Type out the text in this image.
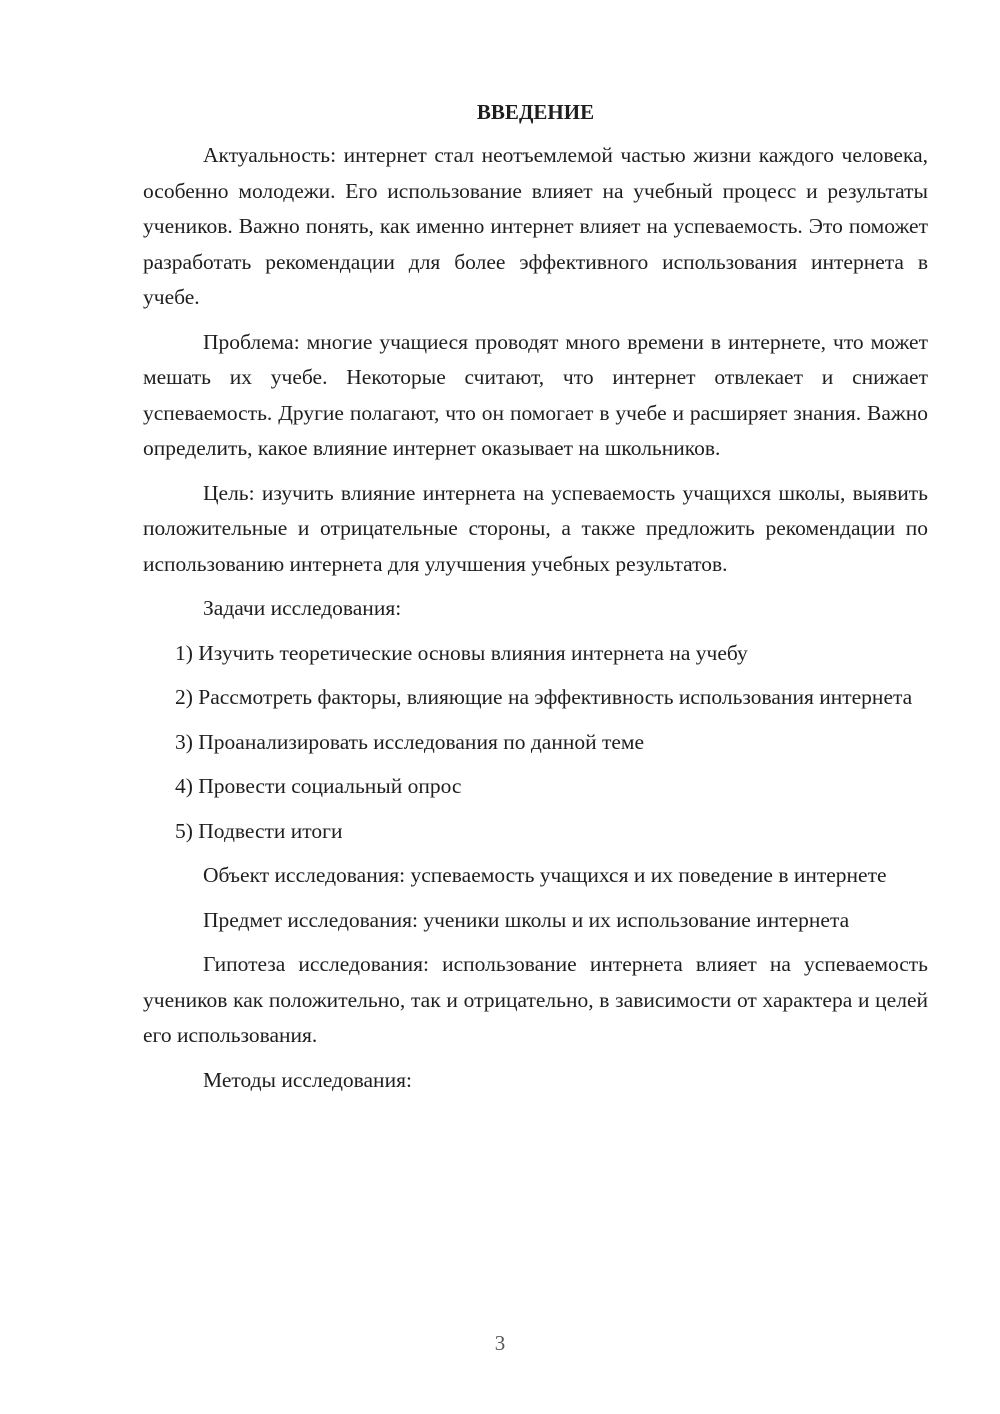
ВВЕДЕНИЕ

Актуальность: интернет стал неотъемлемой частью жизни каждого человека, особенно молодежи. Его использование влияет на учебный процесс и результаты учеников. Важно понять, как именно интернет влияет на успеваемость. Это поможет разработать рекомендации для более эффективного использования интернета в учебе.

Проблема: многие учащиеся проводят много времени в интернете, что может мешать их учебе. Некоторые считают, что интернет отвлекает и снижает успеваемость. Другие полагают, что он помогает в учебе и расширяет знания. Важно определить, какое влияние интернет оказывает на школьников.

Цель: изучить влияние интернета на успеваемость учащихся школы, выявить положительные и отрицательные стороны, а также предложить рекомендации по использованию интернета для улучшения учебных результатов.

Задачи исследования:

1) Изучить теоретические основы влияния интернета на учебу

2) Рассмотреть факторы, влияющие на эффективность использования интернета

3) Проанализировать исследования по данной теме

4) Провести социальный опрос

5) Подвести итоги

Объект исследования: успеваемость учащихся и их поведение в интернете

Предмет исследования: ученики школы и их использование интернета

Гипотеза исследования: использование интернета влияет на успеваемость учеников как положительно, так и отрицательно, в зависимости от характера и целей его использования.

Методы исследования:

3
